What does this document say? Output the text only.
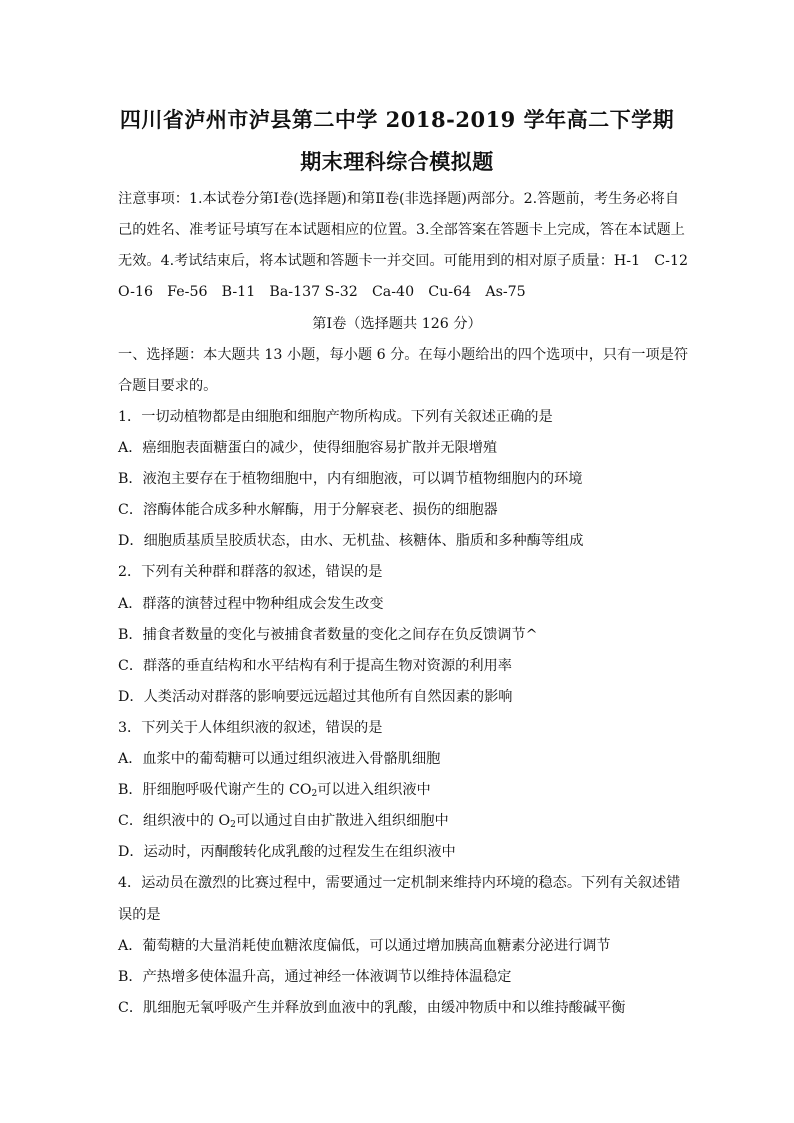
四川省泸州市泸县第二中学 2018-2019 学年高二下学期
期末理科综合模拟题
注意事项：1.本试卷分第Ⅰ卷(选择题)和第Ⅱ卷(非选择题)两部分。2.答题前，考生务必将自
己的姓名、准考证号填写在本试题相应的位置。3.全部答案在答题卡上完成，答在本试题上
无效。4.考试结束后，将本试题和答题卡一并交回。可能用到的相对原子质量：H-1　C-12
O-16　Fe-56　B-11　Ba-137 S-32　Ca-40　Cu-64　As-75
第Ⅰ卷（选择题共 126 分）
一、选择题：本大题共 13 小题，每小题 6 分。在每小题给出的四个选项中，只有一项是符
合题目要求的。
1．一切动植物都是由细胞和细胞产物所构成。下列有关叙述正确的是
A．癌细胞表面糖蛋白的减少，使得细胞容易扩散并无限增殖
B．液泡主要存在于植物细胞中，内有细胞液，可以调节植物细胞内的环境
C．溶酶体能合成多种水解酶，用于分解衰老、损伤的细胞器
D．细胞质基质呈胶质状态，由水、无机盐、核糖体、脂质和多种酶等组成
2．下列有关种群和群落的叙述，错误的是
A．群落的演替过程中物种组成会发生改变
B．捕食者数量的变化与被捕食者数量的变化之间存在负反馈调节^
C．群落的垂直结构和水平结构有利于提高生物对资源的利用率
D．人类活动对群落的影响要远远超过其他所有自然因素的影响
3．下列关于人体组织液的叙述，错误的是
A．血浆中的葡萄糖可以通过组织液进入骨骼肌细胞
B．肝细胞呼吸代谢产生的 $CO_2$可以进入组织液中
C．组织液中的 $O_2$可以通过自由扩散进入组织细胞中
D．运动时，丙酮酸转化成乳酸的过程发生在组织液中
4．运动员在激烈的比赛过程中，需要通过一定机制来维持内环境的稳态。下列有关叙述错
误的是
A．葡萄糖的大量消耗使血糖浓度偏低，可以通过增加胰高血糖素分泌进行调节
B．产热增多使体温升高，通过神经一体液调节以维持体温稳定
C．肌细胞无氧呼吸产生并释放到血液中的乳酸，由缓冲物质中和以维持酸碱平衡
